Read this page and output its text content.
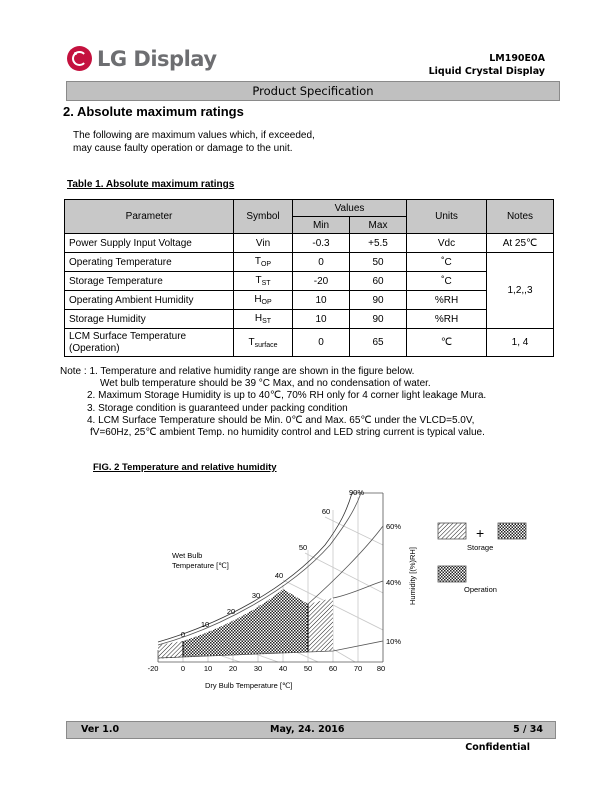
LG Display	LM190E0A
Liquid Crystal Display
Product Specification
2. Absolute maximum ratings
The following are maximum values which, if exceeded,
may cause faulty operation or damage to the unit.
Table 1. Absolute maximum ratings
Parameter	Symbol	Values		Units	Notes
		Min	Max		
Power Supply Input Voltage	Vin	-0.3	+5.5	Vdc	At 25℃
Operating Temperature	$T_{OP}$	0	50	˚C	1,2,,3
Storage Temperature	$T_{ST}$	-20	60	˚C	
Operating Ambient Humidity	$H_{OP}$	10	90	%RH	
Storage Humidity	$H_{ST}$	10	90	%RH	

LCM Surface Temperature
(Operation)	$T_{surface}$	0	65	℃	1, 4
Note : 1. Temperature and relative humidity range are shown in the figure below.
Wet bulb temperature should be 39 °C Max, and no condensation of water.
2. Maximum Storage Humidity is up to 40℃, 70% RH only for 4 corner light leakage Mura.
3. Storage condition is guaranteed under packing condition
4. LCM Surface Temperature should be Min. 0℃ and Max. 65℃ under the VLCD=5.0V,
fV=60Hz, 25℃ ambient Temp. no humidity control and LED string current is typical value.
FIG. 2 Temperature and relative humidity
-20	0 10 20 30 40 50 60 70 80
0
10
20
30
40
50
60
90%
60%
40%
10%
Wet Bulb
Temperature [℃]
Dry Bulb Temperature [℃]
Humidity [(%)RH]
+
Storage
Operation
Ver 1.0	May, 24. 2016	5 / 34
Confidential
